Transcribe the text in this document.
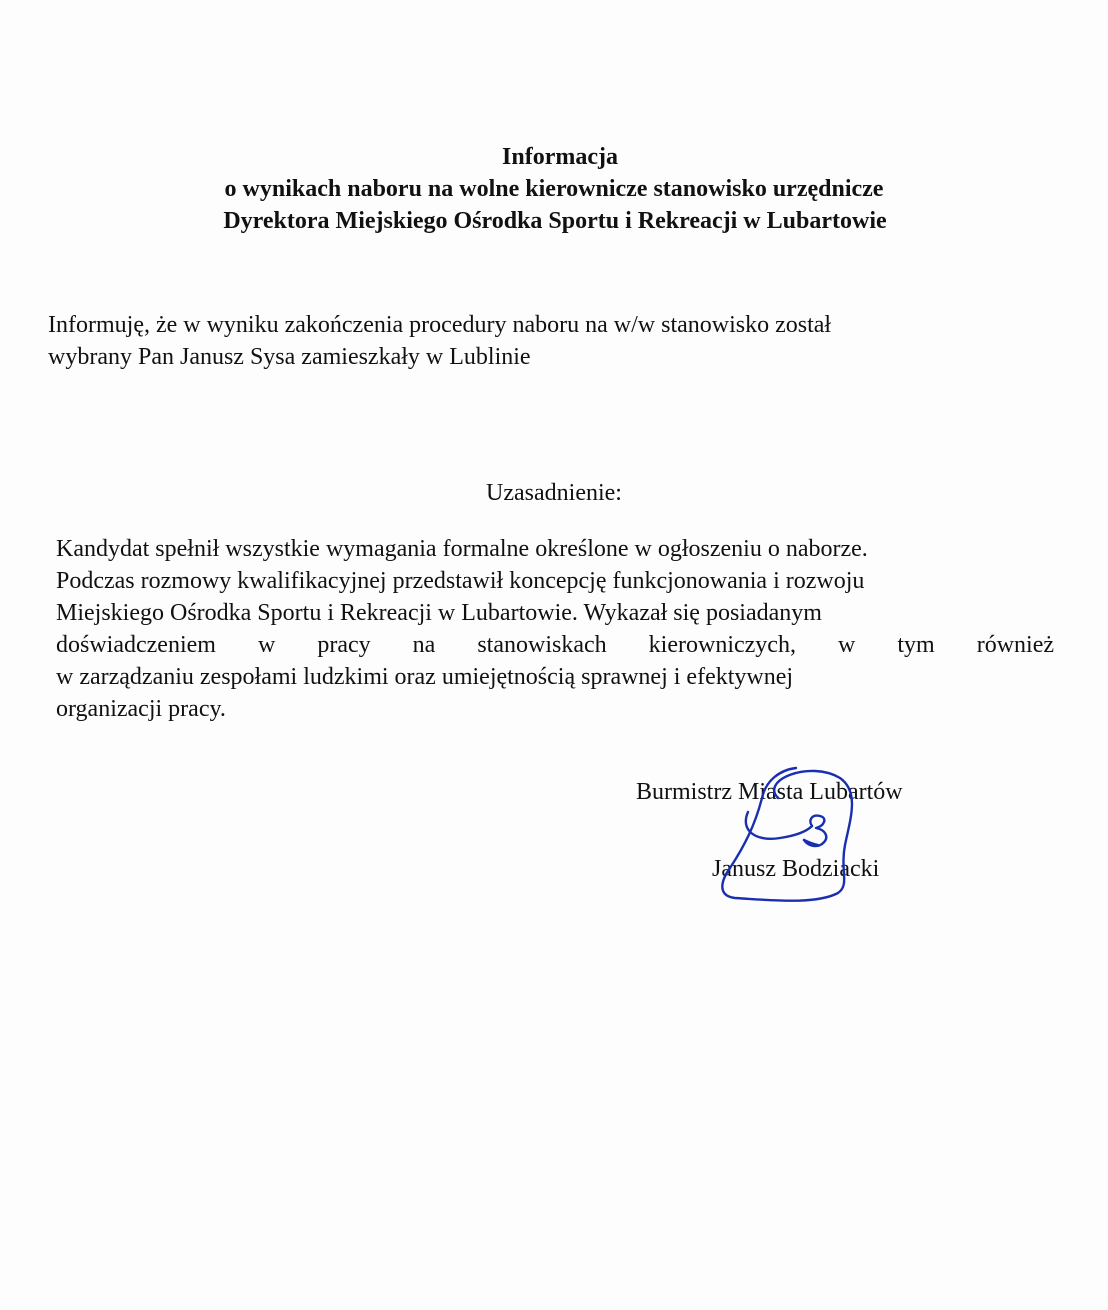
Informacja
o wynikach naboru na wolne kierownicze stanowisko urzędnicze
Dyrektora Miejskiego Ośrodka Sportu i Rekreacji w Lubartowie
Informuję, że w wyniku zakończenia procedury naboru na w/w stanowisko został
wybrany Pan Janusz Sysa zamieszkały w Lublinie
Uzasadnienie:
Kandydat spełnił wszystkie wymagania formalne określone w ogłoszeniu o naborze.
Podczas rozmowy kwalifikacyjnej przedstawił koncepcję funkcjonowania i rozwoju
Miejskiego Ośrodka Sportu i Rekreacji w Lubartowie. Wykazał się posiadanym
doświadczeniem w pracy na stanowiskach kierowniczych, w tym również
w zarządzaniu zespołami ludzkimi oraz umiejętnością sprawnej i efektywnej
organizacji pracy.
Burmistrz Miasta Lubartów
Janusz Bodziacki
